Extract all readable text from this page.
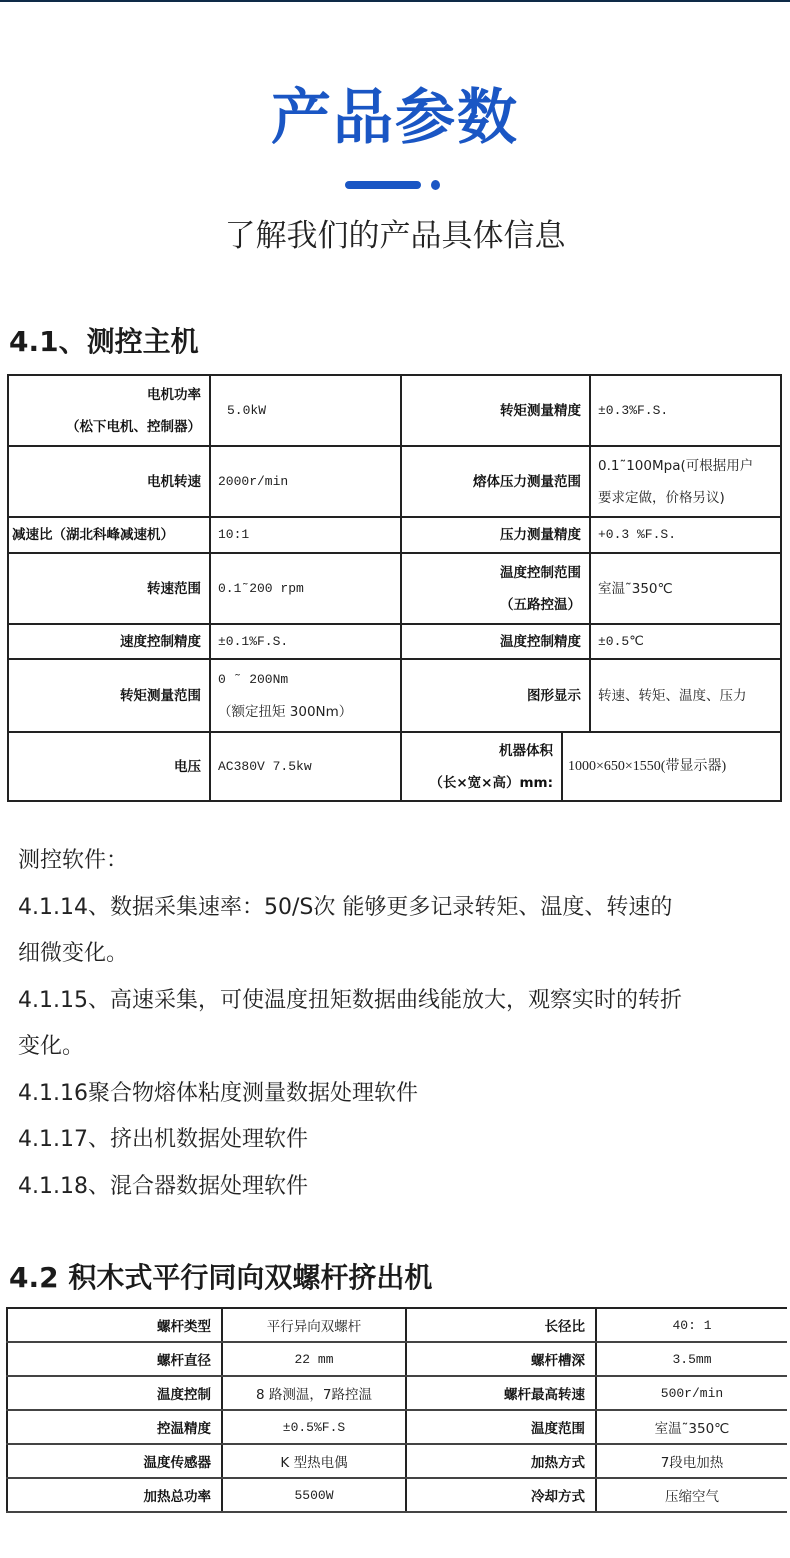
产品参数
了解我们的产品具体信息
4.1、测控主机
电机功率
（松下电机、控制器）	5.0kW	转矩测量精度		±0.3%F.S.
电机转速	2000r/min	熔体压力测量范围		0.1˜100Mpa(可根据用户
要求定做，价格另议)

减速比（湖北科峰减速机）	10:1	压力测量精度		+0.3 %F.S.
转速范围	0.1˜200 rpm	温度控制范围
（五路控温）		室温˜350℃
速度控制精度	±0.1%F.S.	温度控制精度		±0.5℃
转矩测量范围	0 ˜ 200Nm
（额定扭矩 300Nm）	图形显示		转速、转矩、温度、压力
电压	AC380V 7.5kw	机器体积
（长×宽×高）mm:	1000×650×1550(带显示器)	

测控软件：

4.1.14、数据采集速率：50/S次 能够更多记录转矩、温度、转速的

细微变化。

4.1.15、高速采集，可使温度扭矩数据曲线能放大，观察实时的转折

变化。

4.1.16聚合物熔体粘度测量数据处理软件

4.1.17、挤出机数据处理软件

4.1.18、混合器数据处理软件

4.2 积木式平行同向双螺杆挤出机
螺杆类型	平行异向双螺杆	长径比	40: 1
螺杆直径	22 mm	螺杆槽深	3.5mm
温度控制	8 路测温，7路控温	螺杆最高转速	500r/min
控温精度	±0.5%F.S	温度范围	室温˜350℃
温度传感器	K 型热电偶	加热方式	7段电加热
加热总功率	5500W	冷却方式	压缩空气
